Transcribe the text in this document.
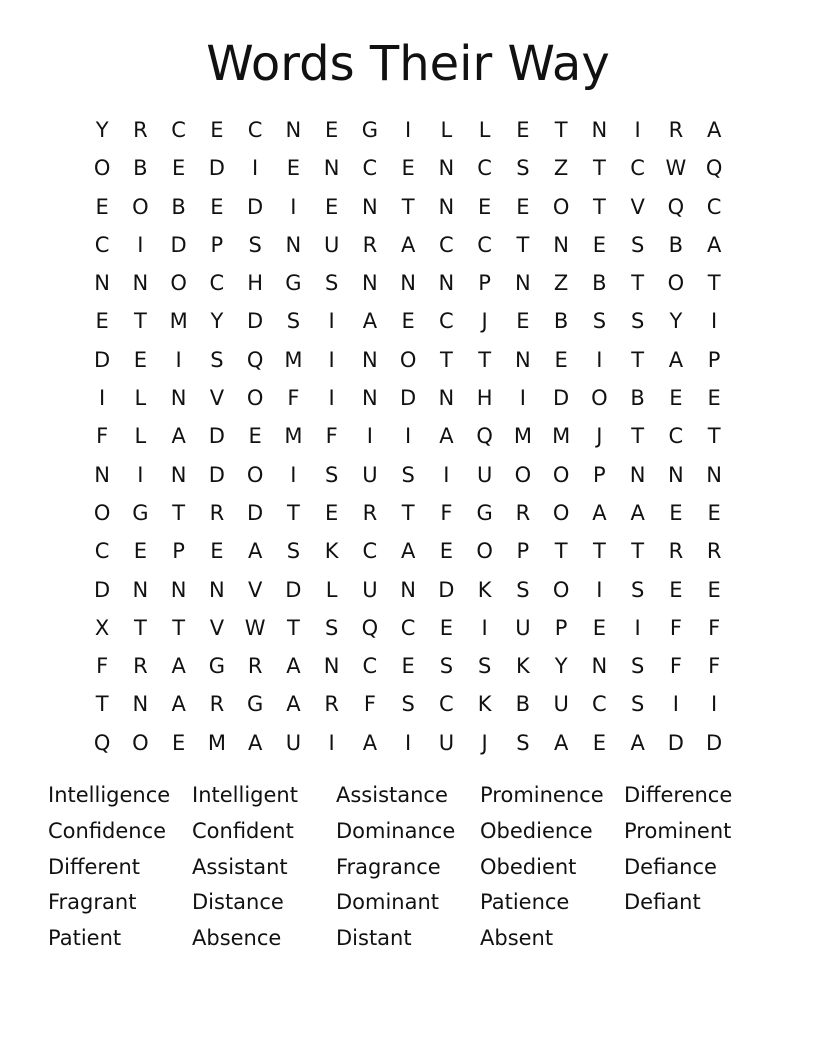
Words Their Way
Y	R	C	E	C	N	E	G	I	L	L	E	T	N	I	R	A
O	B	E	D	I	E	N	C	E	N	C	S	Z	T	C W Q
E	O	B	E	D	I	E	N	T	N	E	E	O	T	V	Q	C
C	I	D	P	S	N	U	R	A	C	C	T	N	E	S	B	A
N	N	O	C	H	G	S	N	N	N	P	N	Z	B	T	O	T
E	T	M	Y	D	S	I	A	E	C	J	E	B	S	S	Y	I
D	E	I	S	Q M	I	N	O	T	T	N	E	I	T	A	P
I	L	N	V	O	F	I	N	D	N	H	I	D	O	B	E	E
F	L	A	D	E	M	F	I	I	A	Q M M	J	T	C	T
N	I	N	D	O	I	S	U	S	I	U	O	O	P	N	N	N
O	G	T	R	D	T	E	R	T	F	G	R	O	A	A	E	E
C	E	P	E	A	S	K	C	A	E	O	P	T	T	T	R	R
D	N	N	N	V	D	L	U	N	D	K	S	O	I	S	E	E
X	T	T	V W	T	S	Q	C	E	I	U	P	E	I	F	F
F	R	A	G	R	A	N	C	E	S	S	K	Y	N	S	F	F
T	N	A	R	G	A	R	F	S	C	K	B	U	C	S	I	I
Q	O	E	M	A	U	I	A	I	U	J	S	A	E	A	D	D
Intelligence	Intelligent	Assistance	Prominence Difference
Confidence	Confident	Dominance	Obedience	Prominent
Different	Assistant	Fragrance	Obedient	Defiance
Fragrant	Distance	Dominant	Patience	Defiant
Patient	Absence	Distant	Absent
